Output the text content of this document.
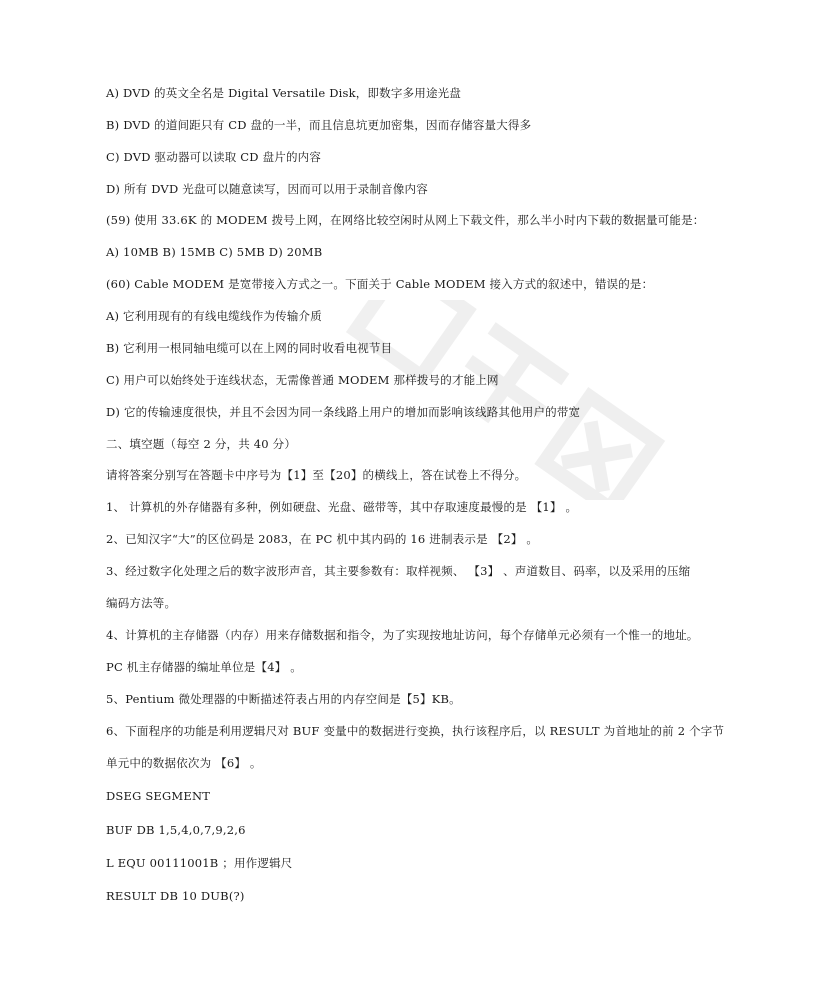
A) DVD 的英文全名是 Digital Versatile Disk，即数字多用途光盘
B) DVD 的道间距只有 CD 盘的一半，而且信息坑更加密集，因而存储容量大得多
C) DVD 驱动器可以读取 CD 盘片的内容
D) 所有 DVD 光盘可以随意读写，因而可以用于录制音像内容
(59) 使用 33.6K 的 MODEM 拨号上网，在网络比较空闲时从网上下载文件，那么半小时内下载的数据量可能是：
A) 10MB B) 15MB C) 5MB D) 20MB
(60) Cable MODEM 是宽带接入方式之一。下面关于 Cable MODEM 接入方式的叙述中，错误的是：
A) 它利用现有的有线电缆线作为传输介质
B) 它利用一根同轴电缆可以在上网的同时收看电视节目
C) 用户可以始终处于连线状态，无需像普通 MODEM 那样拨号的才能上网
D) 它的传输速度很快，并且不会因为同一条线路上用户的增加而影响该线路其他用户的带宽
二、填空题（每空 2 分，共 40 分）
请将答案分别写在答题卡中序号为【1】至【20】的横线上，答在试卷上不得分。
1、 计算机的外存储器有多种，例如硬盘、光盘、磁带等，其中存取速度最慢的是 【1】 。
2、已知汉字“大”的区位码是 2083，在 PC 机中其内码的 16 进制表示是 【2】 。
3、经过数字化处理之后的数字波形声音，其主要参数有：取样视频、 【3】 、声道数目、码率，以及采用的压缩
编码方法等。
4、计算机的主存储器（内存）用来存储数据和指令，为了实现按地址访问，每个存储单元必须有一个惟一的地址。
PC 机主存储器的编址单位是【4】 。
5、Pentium 微处理器的中断描述符表占用的内存空间是【5】KB。
6、下面程序的功能是利用逻辑尺对 BUF 变量中的数据进行变换，执行该程序后，以 RESULT 为首地址的前 2 个字节
单元中的数据依次为 【6】 。
DSEG SEGMENT
BUF DB 1,5,4,0,7,9,2,6
L EQU 00111001B ；用作逻辑尺
RESULT DB 10 DUB(?)
